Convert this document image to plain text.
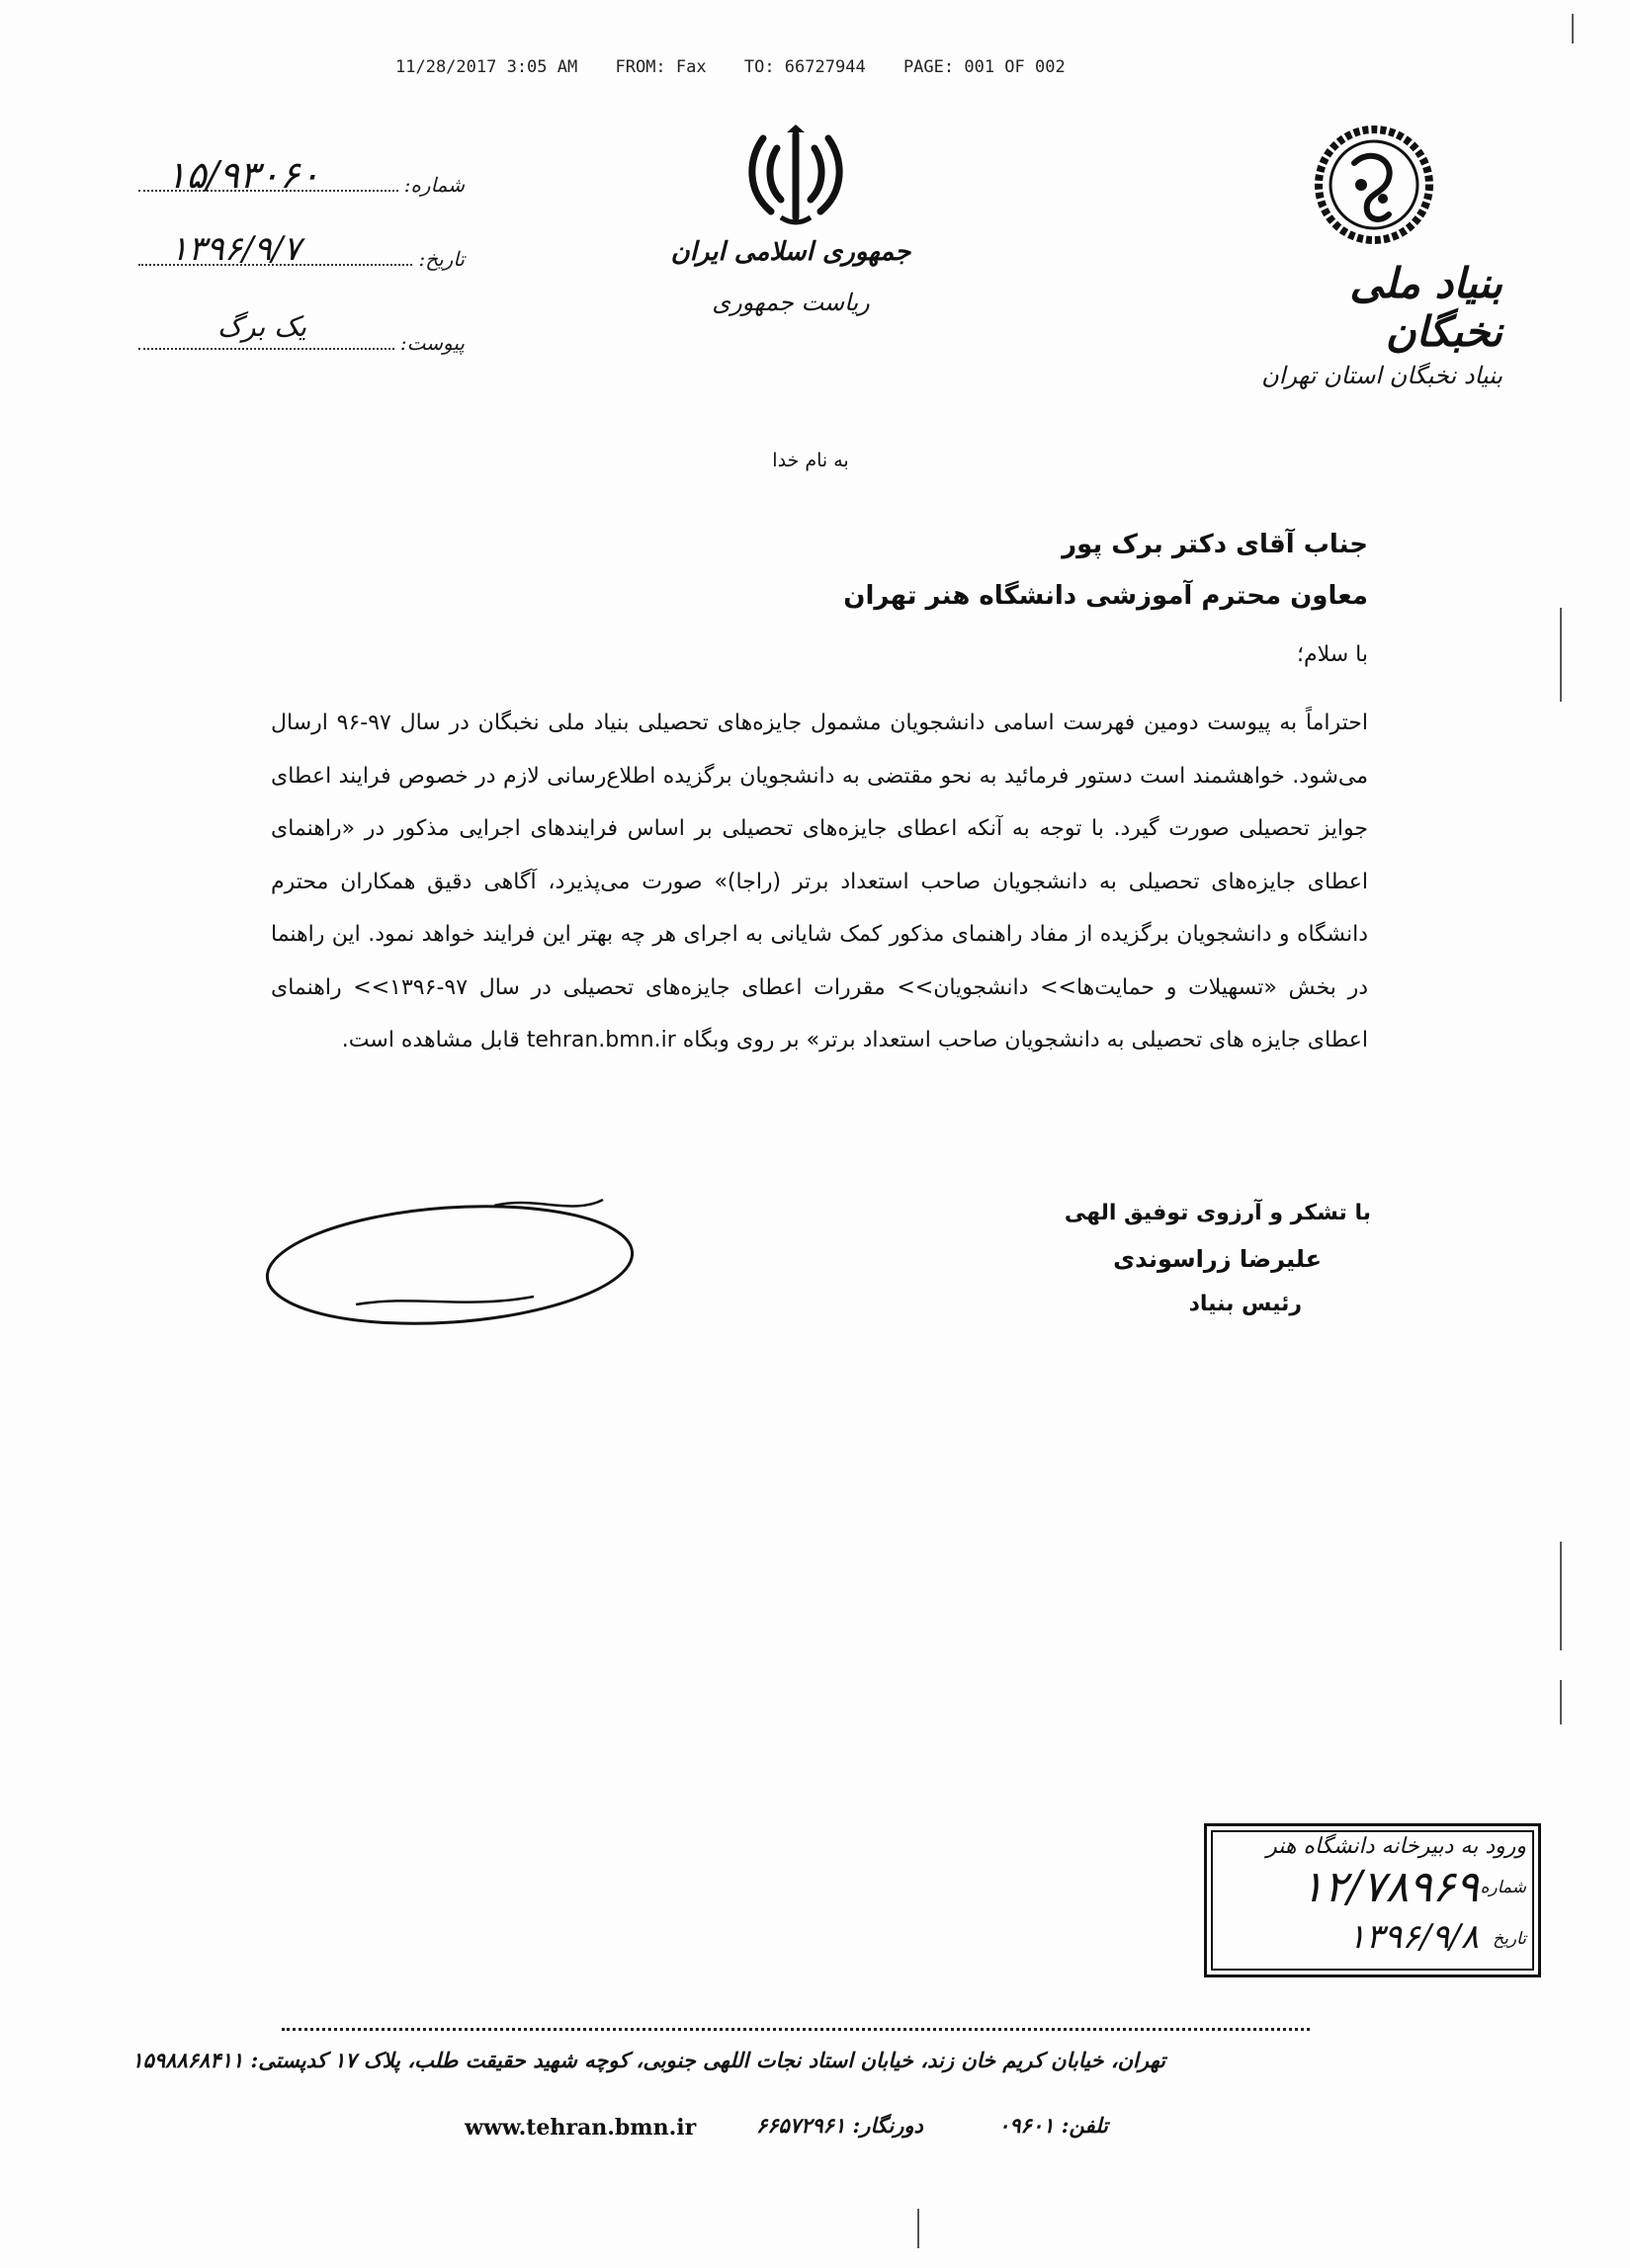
11/28/2017 3:05 AM FROM: Fax TO: 66727944 PAGE: 001 OF 002
شماره:
۱۵/۹۳۰۶۰
تاریخ:
۱۳۹۶/۹/۷
پیوست:
یک برگ
جمهوری اسلامی ایران
ریاست جمهوری	بنیاد ملی نخبگان
بنیاد نخبگان استان تهران
به نام خدا
جناب آقای دکتر برک پور
معاون محترم آموزشی دانشگاه هنر تهران
با سلام؛

احتراماً به پیوست دومین فهرست اسامی دانشجویان مشمول جایزه‌های تحصیلی بنیاد ملی نخبگان در سال ۹۷-۹۶ ارسال می‌شود. خواهشمند است دستور فرمائید به نحو مقتضی به دانشجویان برگزیده اطلاع‌رسانی لازم در خصوص فرایند اعطای جوایز تحصیلی صورت گیرد. با توجه به آنکه اعطای جایزه‌های تحصیلی بر اساس فرایندهای اجرایی مذکور در «راهنمای اعطای جایزه‌های تحصیلی به دانشجویان صاحب استعداد برتر (راجا)» صورت می‌پذیرد، آگاهی دقیق همکاران محترم دانشگاه و دانشجویان برگزیده از مفاد راهنمای مذکور کمک شایانی به اجرای هر چه بهتر این فرایند خواهد نمود. این راهنما در بخش «تسهیلات و حمایت‌ها>> دانشجویان>> مقررات اعطای جایزه‌های تحصیلی در سال ۹۷-۱۳۹۶>> راهنمای اعطای جایزه های تحصیلی به دانشجویان صاحب استعداد برتر» بر روی وبگاه tehran.bmn.ir قابل مشاهده است.

با تشکر و آرزوی توفیق الهی
علیرضا زراسوندی
رئیس بنیاد
ورود به دبیرخانه دانشگاه هنر
شماره
۱۲/۷۸۹۶۹
تاریخ
۱۳۹۶/۹/۸
تهران، خیابان کریم خان زند، خیابان استاد نجات اللهی جنوبی، کوچه شهید حقیقت طلب، پلاک ۱۷ کدپستی: ۱۵۹۸۸۶۸۴۱۱
www.tehran.bmn.ir	دورنگار: ۶۶۵۷۲۹۶۱	تلفن: ۰۹۶۰۱
